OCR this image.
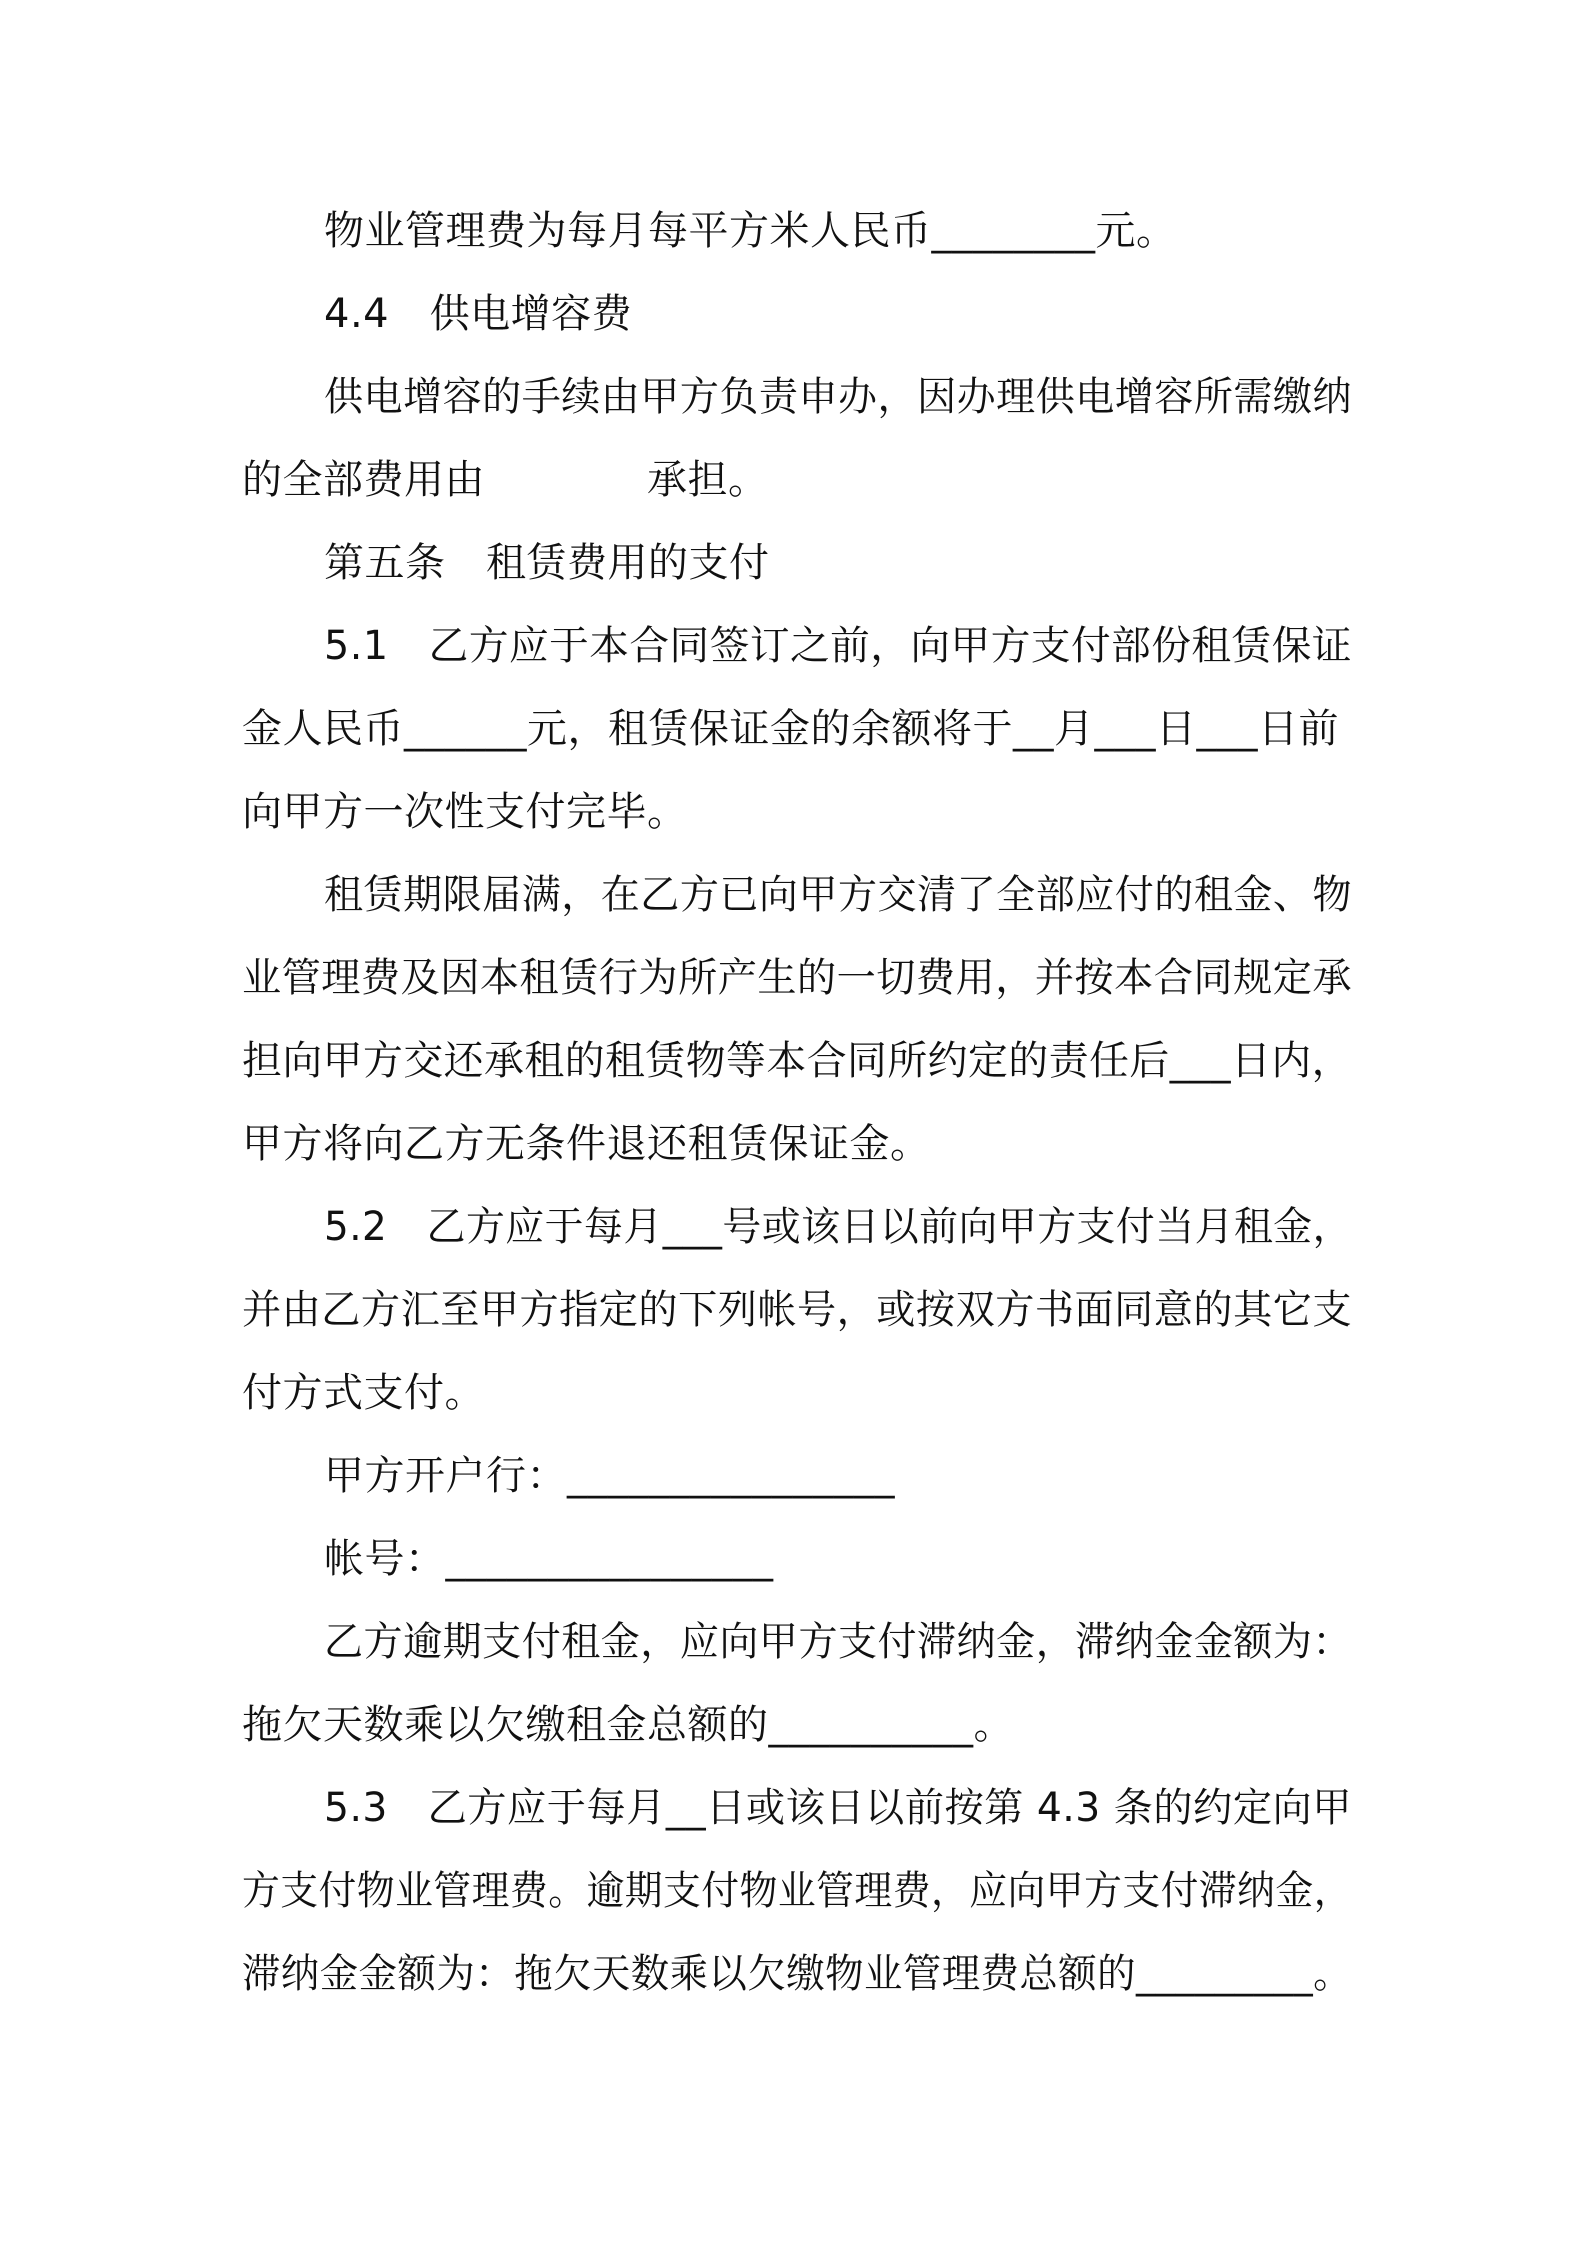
物业管理费为每月每平方米人民币________元。
4.4　供电增容费
供电增容的手续由甲方负责申办，因办理供电增容所需缴纳
的全部费用由　　　　承担。
第五条　租赁费用的支付
5.1　乙方应于本合同签订之前，向甲方支付部份租赁保证
金人民币______元，租赁保证金的余额将于__月___日___日前
向甲方一次性支付完毕。
租赁期限届满，在乙方已向甲方交清了全部应付的租金、物
业管理费及因本租赁行为所产生的一切费用，并按本合同规定承
担向甲方交还承租的租赁物等本合同所约定的责任后___日内，
甲方将向乙方无条件退还租赁保证金。
5.2　乙方应于每月___号或该日以前向甲方支付当月租金，
并由乙方汇至甲方指定的下列帐号，或按双方书面同意的其它支
付方式支付。
甲方开户行：________________
帐号：________________
乙方逾期支付租金，应向甲方支付滞纳金，滞纳金金额为：
拖欠天数乘以欠缴租金总额的__________。
5.3　乙方应于每月__日或该日以前按第 4.3 条的约定向甲
方支付物业管理费。逾期支付物业管理费，应向甲方支付滞纳金，
滞纳金金额为：拖欠天数乘以欠缴物业管理费总额的_________。
